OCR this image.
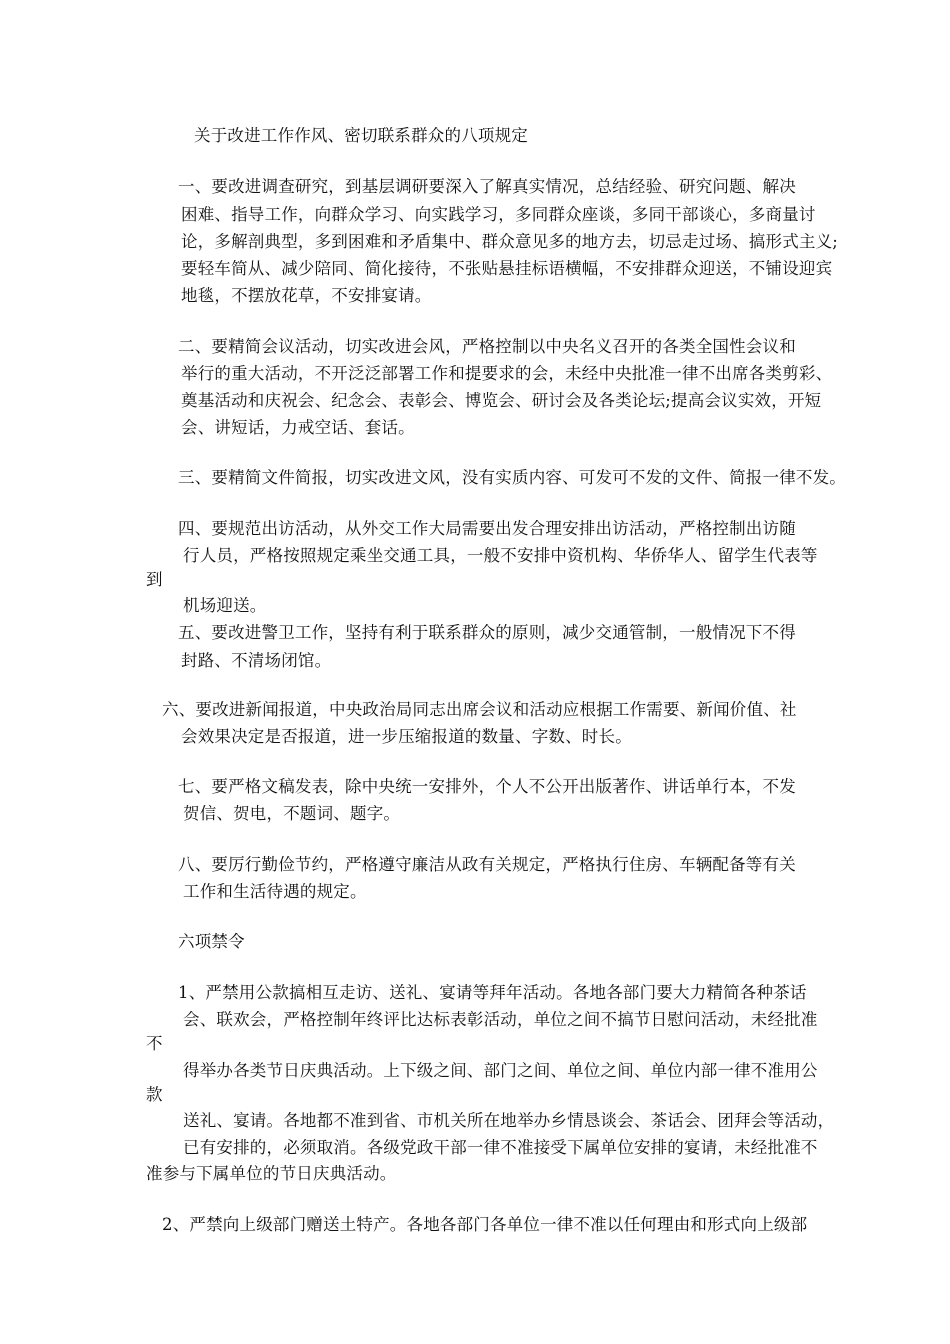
关于改进工作作风、密切联系群众的八项规定
一、要改进调查研究，到基层调研要深入了解真实情况，总结经验、研究问题、解决
困难、指导工作，向群众学习、向实践学习，多同群众座谈，多同干部谈心，多商量讨
论，多解剖典型，多到困难和矛盾集中、群众意见多的地方去，切忌走过场、搞形式主义;
要轻车简从、减少陪同、简化接待，不张贴悬挂标语横幅，不安排群众迎送，不铺设迎宾
地毯，不摆放花草，不安排宴请。
二、要精简会议活动，切实改进会风，严格控制以中央名义召开的各类全国性会议和
举行的重大活动，不开泛泛部署工作和提要求的会，未经中央批准一律不出席各类剪彩、
奠基活动和庆祝会、纪念会、表彰会、博览会、研讨会及各类论坛;提高会议实效，开短
会、讲短话，力戒空话、套话。
三、要精简文件简报，切实改进文风，没有实质内容、可发可不发的文件、简报一律不发。
四、要规范出访活动，从外交工作大局需要出发合理安排出访活动，严格控制出访随
行人员，严格按照规定乘坐交通工具，一般不安排中资机构、华侨华人、留学生代表等
到
机场迎送。
五、要改进警卫工作，坚持有利于联系群众的原则，减少交通管制，一般情况下不得
封路、不清场闭馆。
六、要改进新闻报道，中央政治局同志出席会议和活动应根据工作需要、新闻价值、社
会效果决定是否报道，进一步压缩报道的数量、字数、时长。
七、要严格文稿发表，除中央统一安排外，个人不公开出版著作、讲话单行本，不发
贺信、贺电，不题词、题字。
八、要厉行勤俭节约，严格遵守廉洁从政有关规定，严格执行住房、车辆配备等有关
工作和生活待遇的规定。
六项禁令
1、严禁用公款搞相互走访、送礼、宴请等拜年活动。各地各部门要大力精简各种茶话
会、联欢会，严格控制年终评比达标表彰活动，单位之间不搞节日慰问活动，未经批准
不
得举办各类节日庆典活动。上下级之间、部门之间、单位之间、单位内部一律不准用公
款
送礼、宴请。各地都不准到省、市机关所在地举办乡情恳谈会、茶话会、团拜会等活动，
已有安排的，必须取消。各级党政干部一律不准接受下属单位安排的宴请，未经批准不
准参与下属单位的节日庆典活动。
2、严禁向上级部门赠送土特产。各地各部门各单位一律不准以任何理由和形式向上级部
